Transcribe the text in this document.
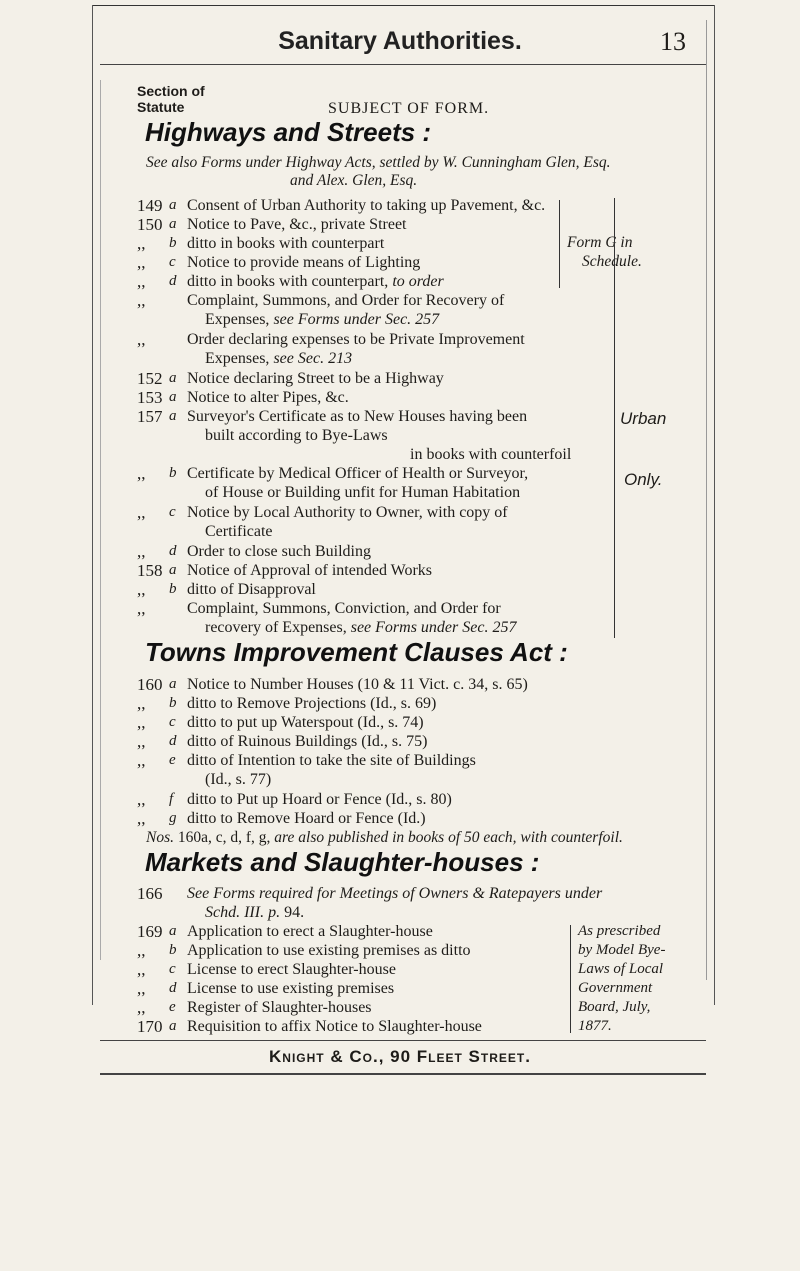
Sanitary Authorities.	13
Section of
Statute	SUBJECT OF FORM.
Highways and Streets :
See also Forms under Highway Acts, settled by W. Cunningham Glen, Esq.
and Alex. Glen, Esq.
149 a Consent of Urban Authority to taking up Pavement, &c.
150 a Notice to Pave, &c., private Street
,, b ditto in books with counterpart
,, c Notice to provide means of Lighting
,, d ditto in books with counterpart, to order
Form G in
Schedule.
,,	Complaint, Summons, and Order for Recovery of
Expenses, see Forms under Sec. 257
,,	Order declaring expenses to be Private Improvement
Expenses, see Sec. 213
152 a Notice declaring Street to be a Highway
153 a Notice to alter Pipes, &c.
157 a Surveyor's Certificate as to New Houses having been
built according to Bye-Laws
in books with counterfoil
,, b Certificate by Medical Officer of Health or Surveyor,
of House or Building unfit for Human Habitation
,, c Notice by Local Authority to Owner, with copy of
Certificate
,, d Order to close such Building
158 a Notice of Approval of intended Works
,, b ditto of Disapproval
,,	Complaint, Summons, Conviction, and Order for
recovery of Expenses, see Forms under Sec. 257
Urban
Only.
Towns Improvement Clauses Act :
160 a Notice to Number Houses (10 & 11 Vict. c. 34, s. 65)
,, b ditto to Remove Projections (Id., s. 69)
,, c ditto to put up Waterspout (Id., s. 74)
,, d ditto of Ruinous Buildings (Id., s. 75)
,, e ditto of Intention to take the site of Buildings
(Id., s. 77)
,, f ditto to Put up Hoard or Fence (Id., s. 80)
,, g ditto to Remove Hoard or Fence (Id.)
Nos. 160a, c, d, f, g, are also published in books of 50 each, with counterfoil.
Markets and Slaughter-houses :
166 See Forms required for Meetings of Owners & Ratepayers under
Schd. III. p. 94.
169 a Application to erect a Slaughter-house
,, b Application to use existing premises as ditto
,, c License to erect Slaughter-house
,, d License to use existing premises
,, e Register of Slaughter-houses
170 a Requisition to affix Notice to Slaughter-house
As prescribed
by Model Bye-
Laws of Local
Government
Board, July,
1877.
Knight & Co., 90 Fleet Street.
